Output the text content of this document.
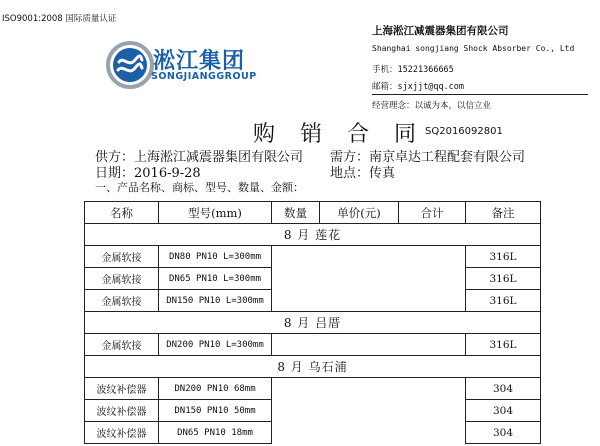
ISO9001:2008 国际质量认证
淞江集团
SONGJIANGGROUP
上海淞江减震器集团有限公司
Shanghai songjiang Shock Absorber Co., Ltd
手机：15221366665
邮箱：sjxjjt@qq.com
经营理念：以诚为本，以信立业
购 销 合 同 SQ2016092801
供方：上海淞江减震器集团有限公司 需方：南京卓达工程配套有限公司
日期：2016-9-28	地点：传真
一、产品名称、商标、型号、数量、金额：
名称	型号(mm)	数量	单价(元)	合计	备注
8 月 莲花					
金属软接	DN80 PN10 L=300mm				316L
金属软接	DN65 PN10 L=300mm				316L
金属软接	DN150 PN10 L=300mm				316L
8 月 吕厝					
金属软接	DN200 PN10 L=300mm				316L
8 月 乌石浦					
波纹补偿器	DN200 PN10 68mm				304
波纹补偿器	DN150 PN10 50mm				304
波纹补偿器	DN65 PN10 18mm				304
